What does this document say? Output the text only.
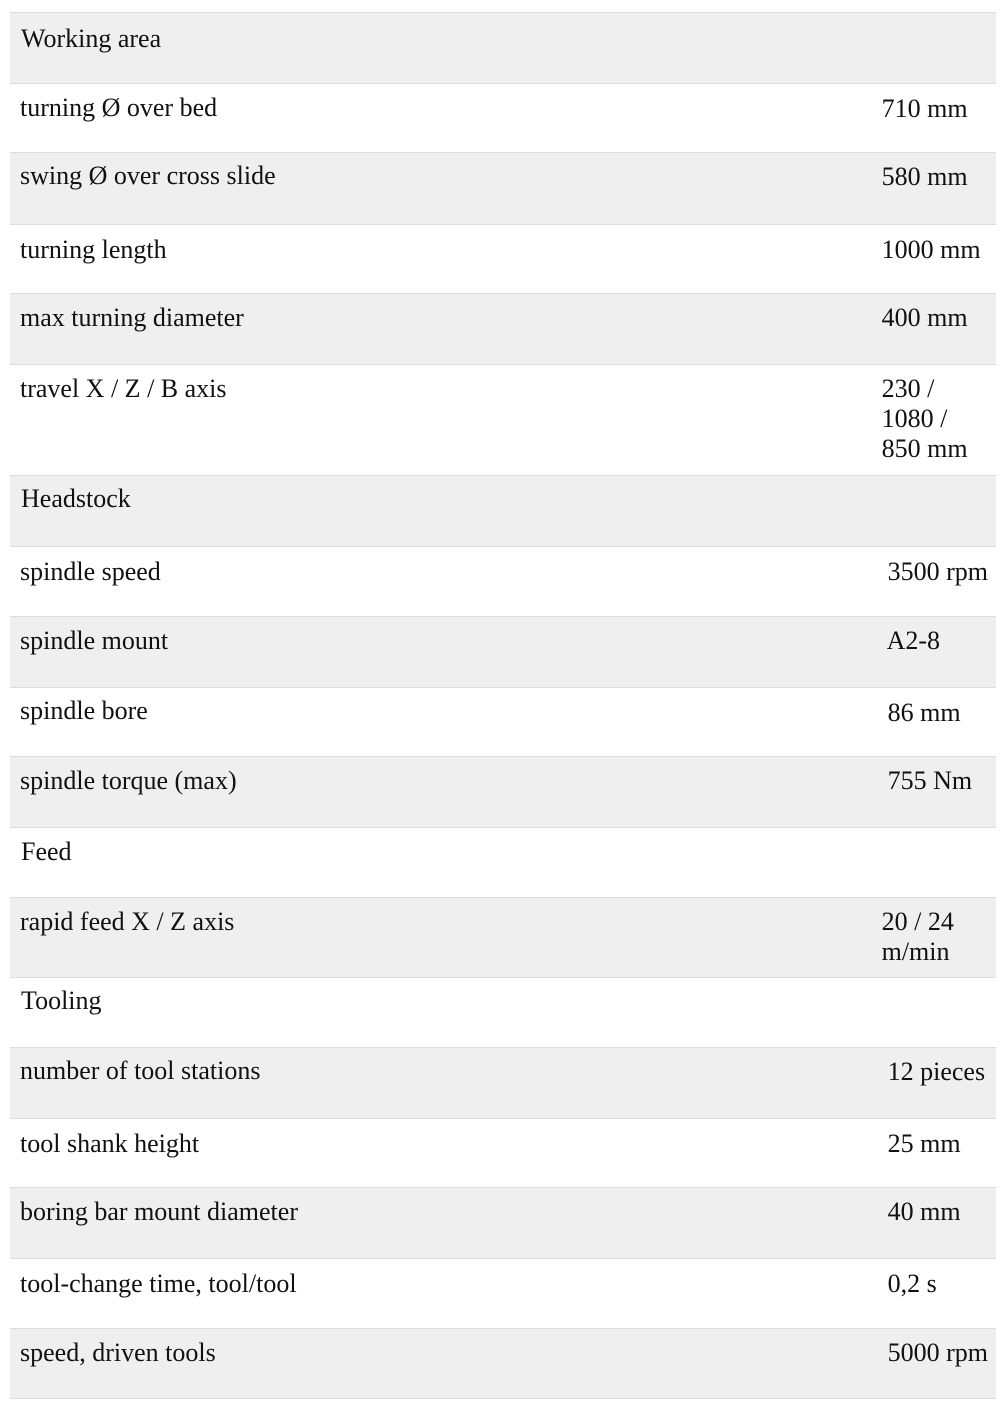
Working area	

turning Ø over bed	710 mm

swing Ø over cross slide	580 mm

turning length	1000 mm

max turning diameter	400 mm

travel X / Z / B axis	230 / 1080 / 850 mm

Headstock	

spindle speed	3500 rpm

spindle mount	A2-8

spindle bore	86 mm

spindle torque (max)	755 Nm

Feed	

rapid feed X / Z axis	20 / 24 m/min

Tooling	

number of tool stations	12 pieces

tool shank height	25 mm

boring bar mount diameter	40 mm

tool-change time, tool/tool	0,2 s

speed, driven tools	5000 rpm
